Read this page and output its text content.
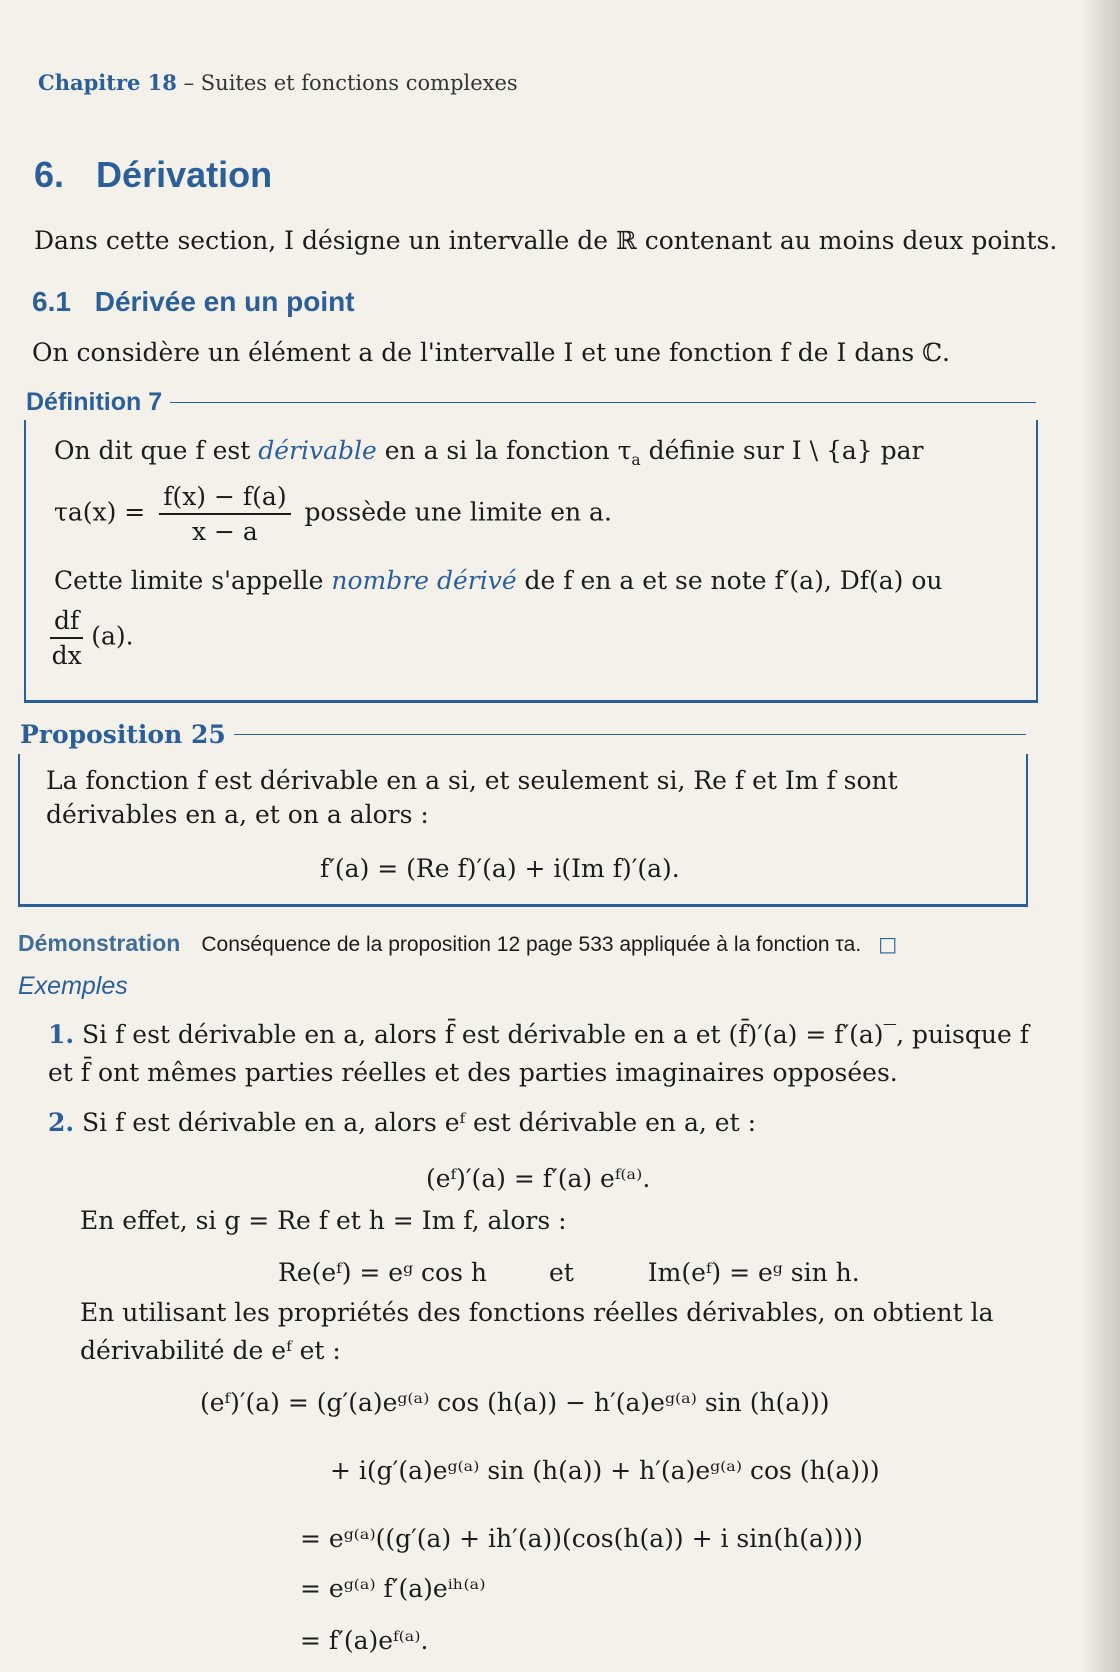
Chapitre 18 – Suites et fonctions complexes
6. Dérivation
Dans cette section, I désigne un intervalle de ℝ contenant au moins deux points.
6.1 Dérivée en un point
On considère un élément a de l'intervalle I et une fonction f de I dans ℂ.
Définition 7
On dit que f est dérivable en a si la fonction $\tau_a$ définie sur I \ {a} par
$\tau a(x) = \frac{f(x) - f(a)}{x - a}$ possède une limite en a.
Cette limite s'appelle nombre dérivé de f en a et se note f′(a), Df(a) ou
$\frac{df}{dx} (a)$.
Proposition 25
La fonction f est dérivable en a si, et seulement si, Re f et Im f sont dérivables en a, et on a alors :
f′(a) = (Re f)′(a) + i(Im f)′(a).
Démonstration Conséquence de la proposition 12 page 533 appliquée à la fonction τa. □
Exemples
1. Si f est dérivable en a, alors f̄ est dérivable en a et (f̄)′(a) = f′(a)‾, puisque f et f̄ ont mêmes parties réelles et des parties imaginaires opposées.
2. Si f est dérivable en a, alors eᶠ est dérivable en a, et :
(eᶠ)′(a) = f′(a) eᶠ⁽ᵃ⁾.
En effet, si g = Re f et h = Im f, alors :
Re(eᶠ) = eᵍ cos h et	Im(eᶠ) = eᵍ sin h.
En utilisant les propriétés des fonctions réelles dérivables, on obtient la dérivabilité de eᶠ et :
(eᶠ)′(a) = (g′(a)eᵍ⁽ᵃ⁾ cos (h(a)) − h′(a)eᵍ⁽ᵃ⁾ sin (h(a)))
+ i(g′(a)eᵍ⁽ᵃ⁾ sin (h(a)) + h′(a)eᵍ⁽ᵃ⁾ cos (h(a)))
= eᵍ⁽ᵃ⁾((g′(a) + ih′(a))(cos(h(a)) + i sin(h(a))))
= eᵍ⁽ᵃ⁾ f′(a)eⁱʰ⁽ᵃ⁾
= f′(a)eᶠ⁽ᵃ⁾.
